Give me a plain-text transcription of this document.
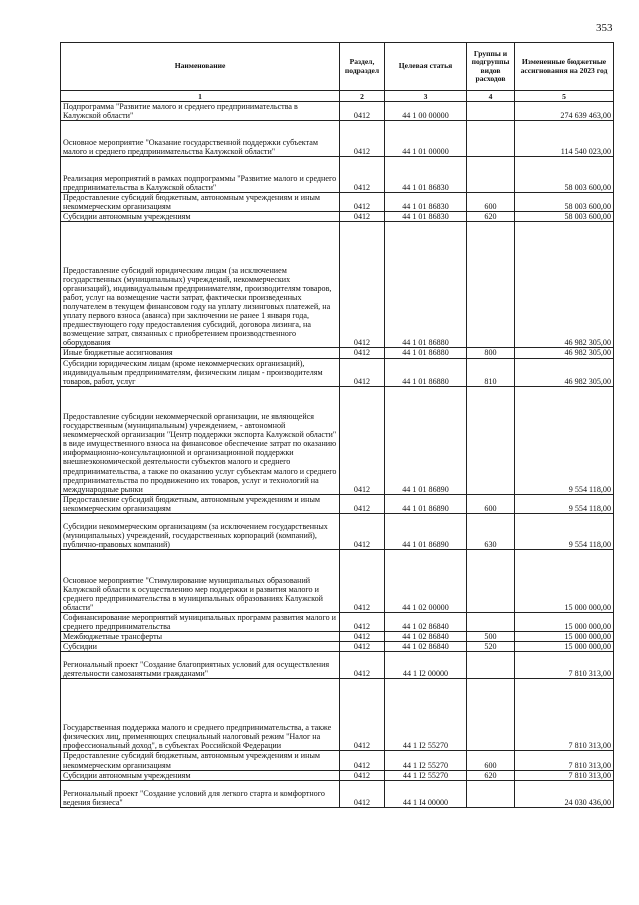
353
Наименование	Раздел, подраздел	Целевая статья	Группы и подгруппы видов расходов	Измененные бюджетные ассигнования на 2023 год
1	2	3	4	5
Подпрограмма "Развитие малого и среднего предпринимательства в Калужской области"	0412	44 1 00 00000		274 639 463,00
Основное мероприятие "Оказание государственной поддержки субъектам малого и среднего предпринимательства Калужской области"	0412	44 1 01 00000		114 540 023,00
Реализация мероприятий в рамках подпрограммы "Развитие малого и среднего предпринимательства в Калужской области"	0412	44 1 01 86830		58 003 600,00
Предоставление субсидий бюджетным, автономным учреждениям и иным некоммерческим организациям	0412	44 1 01 86830	600	58 003 600,00
Субсидии автономным учреждениям	0412	44 1 01 86830	620	58 003 600,00
Предоставление субсидий юридическим лицам (за исключением государственных (муниципальных) учреждений, некоммерческих организаций), индивидуальным предпринимателям, производителям товаров, работ, услуг на возмещение части затрат, фактически произведенных получателем в текущем финансовом году на уплату лизинговых платежей, на уплату первого взноса (аванса) при заключении не ранее 1 января года, предшествующего году предоставления субсидий, договора лизинга, на возмещение затрат, связанных с приобретением производственного оборудования	0412	44 1 01 86880		46 982 305,00
Иные бюджетные ассигнования	0412	44 1 01 86880	800	46 982 305,00
Субсидии юридическим лицам (кроме некоммерческих организаций), индивидуальным предпринимателям, физическим лицам - производителям товаров, работ, услуг	0412	44 1 01 86880	810	46 982 305,00
Предоставление субсидии некоммерческой организации, не являющейся государственным (муниципальным) учреждением, - автономной некоммерческой организации "Центр поддержки экспорта Калужской области" в виде имущественного взноса на финансовое обеспечение затрат по оказанию информационно-консультационной и организационной поддержки внешнеэкономической деятельности субъектов малого и среднего предпринимательства, а также по оказанию услуг субъектам малого и среднего предпринимательства по продвижению их товаров, услуг и технологий на международные рынки	0412	44 1 01 86890		9 554 118,00
Предоставление субсидий бюджетным, автономным учреждениям и иным некоммерческим организациям	0412	44 1 01 86890	600	9 554 118,00
Субсидии некоммерческим организациям (за исключением государственных (муниципальных) учреждений, государственных корпораций (компаний), публично-правовых компаний)	0412	44 1 01 86890	630	9 554 118,00
Основное мероприятие "Стимулирование муниципальных образований Калужской области к осуществлению мер поддержки и развития малого и среднего предпринимательства в муниципальных образованиях Калужской области"	0412	44 1 02 00000		15 000 000,00
Софинансирование мероприятий муниципальных программ развития малого и среднего предпринимательства	0412	44 1 02 86840		15 000 000,00
Межбюджетные трансферты	0412	44 1 02 86840	500	15 000 000,00
Субсидии	0412	44 1 02 86840	520	15 000 000,00
Региональный проект "Создание благоприятных условий для осуществления деятельности самозанятыми гражданами"	0412	44 1 I2 00000		7 810 313,00
Государственная поддержка малого и среднего предпринимательства, а также физических лиц, применяющих специальный налоговый режим "Налог на профессиональный доход", в субъектах Российской Федерации	0412	44 1 I2 55270		7 810 313,00
Предоставление субсидий бюджетным, автономным учреждениям и иным некоммерческим организациям	0412	44 1 I2 55270	600	7 810 313,00
Субсидии автономным учреждениям	0412	44 1 I2 55270	620	7 810 313,00
Региональный проект "Создание условий для легкого старта и комфортного ведения бизнеса"	0412	44 1 I4 00000		24 030 436,00
